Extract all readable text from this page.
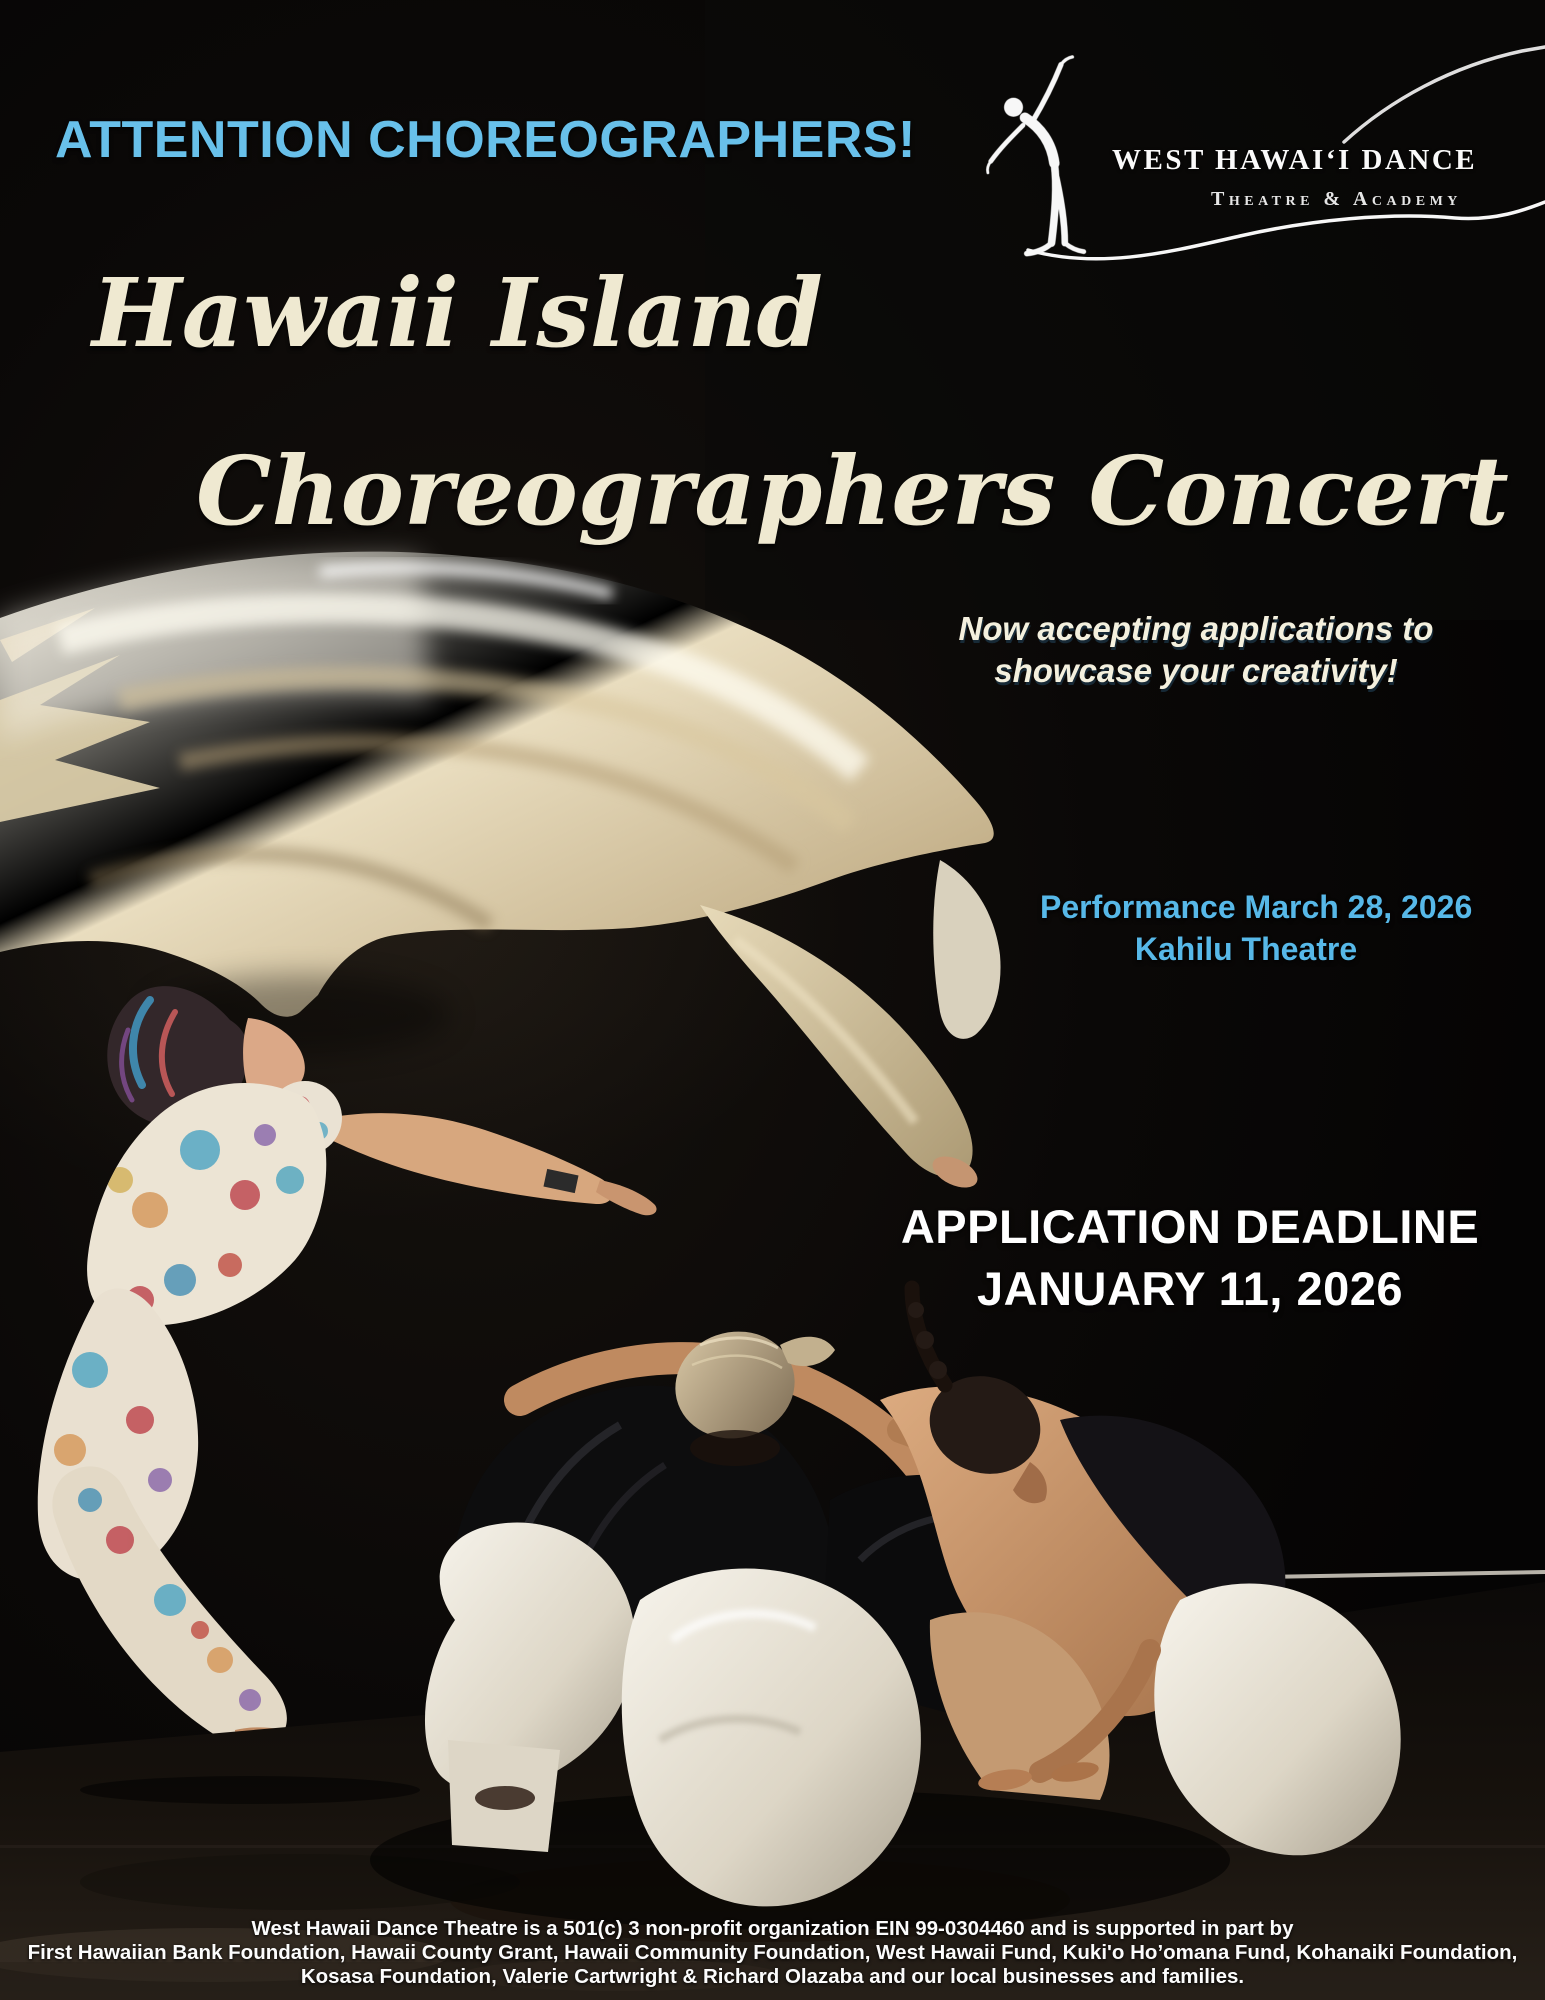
ATTENTION CHOREOGRAPHERS!	WEST HAWAI‘I DANCE
Theatre & Academy
Hawaii Island
Choreographers Concert
Now accepting applications to
showcase your creativity!
Performance March 28, 2026
Kahilu Theatre
APPLICATION DEADLINE
JANUARY 11, 2026
West Hawaii Dance Theatre is a 501(c) 3 non-profit organization EIN 99-0304460 and is supported in part by
First Hawaiian Bank Foundation, Hawaii County Grant, Hawaii Community Foundation, West Hawaii Fund, Kuki'o Ho’omana Fund, Kohanaiki Foundation,
Kosasa Foundation, Valerie Cartwright & Richard Olazaba and our local businesses and families.
